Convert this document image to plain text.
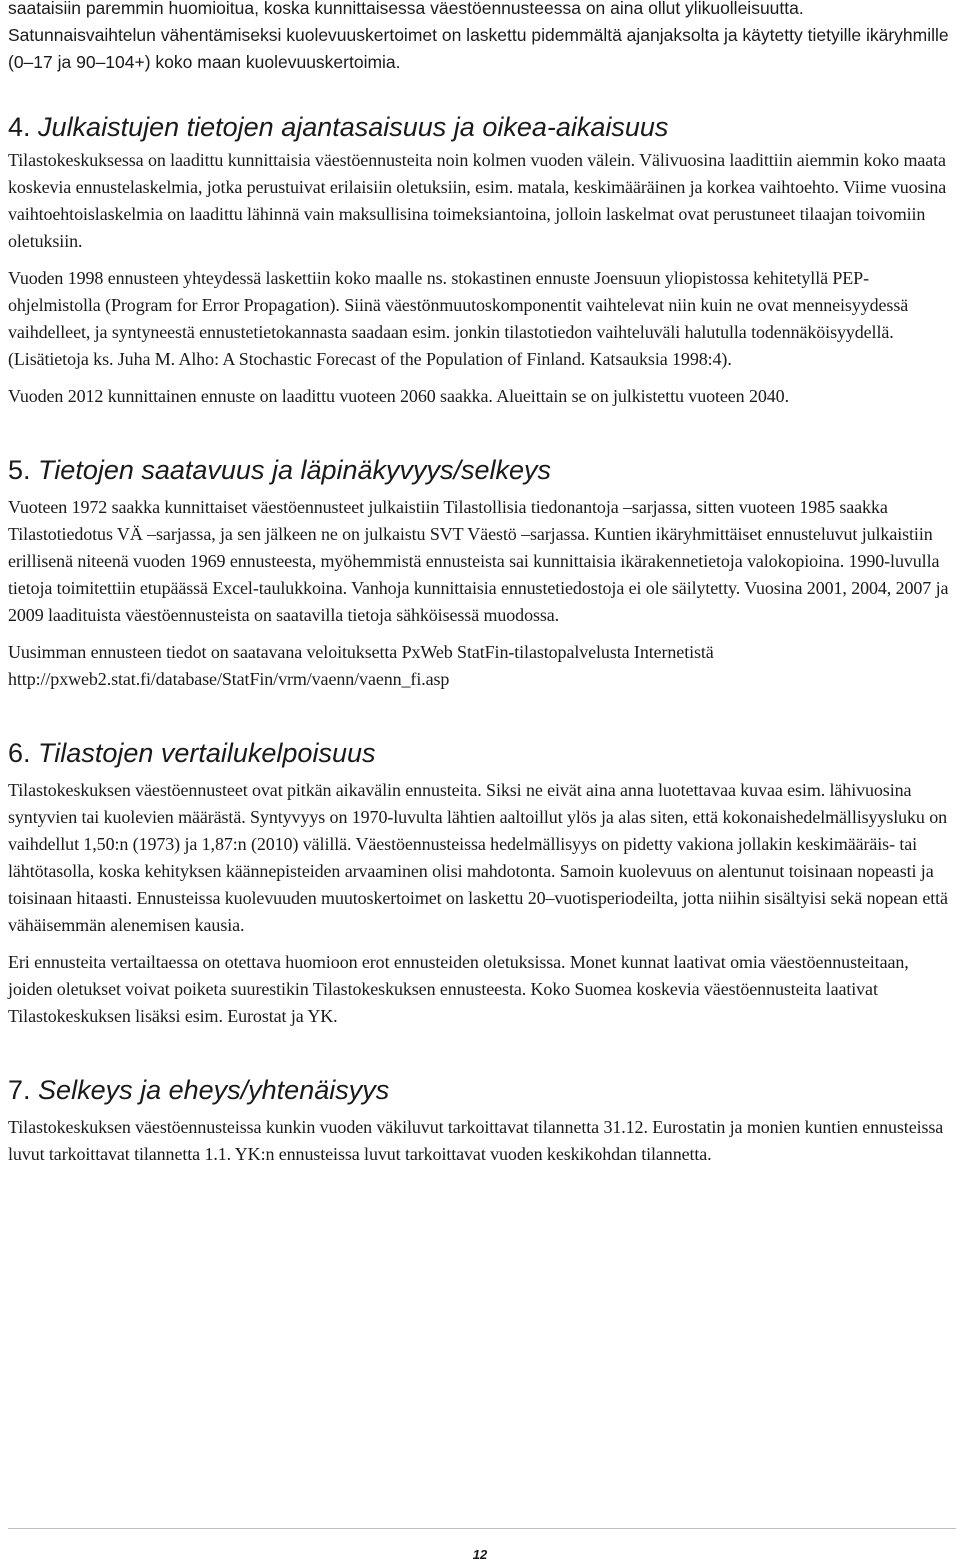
saataisiin paremmin huomioitua, koska kunnittaisessa väestöennusteessa on aina ollut ylikuolleisuutta. Satunnaisvaihtelun vähentämiseksi kuolevuuskertoimet on laskettu pidemmältä ajanjaksolta ja käytetty tietyille ikäryhmille (0–17 ja 90–104+) koko maan kuolevuuskertoimia.

4. Julkaistujen tietojen ajantasaisuus ja oikea-aikaisuus

Tilastokeskuksessa on laadittu kunnittaisia väestöennusteita noin kolmen vuoden välein. Välivuosina laadittiin aiemmin koko maata koskevia ennustelaskelmia, jotka perustuivat erilaisiin oletuksiin, esim. matala, keskimääräinen ja korkea vaihtoehto. Viime vuosina vaihtoehtoislaskelmia on laadittu lähinnä vain maksullisina toimeksiantoina, jolloin laskelmat ovat perustuneet tilaajan toivomiin oletuksiin.

Vuoden 1998 ennusteen yhteydessä laskettiin koko maalle ns. stokastinen ennuste Joensuun yliopistossa kehitetyllä PEP-ohjelmistolla (Program for Error Propagation). Siinä väestönmuutoskomponentit vaihtelevat niin kuin ne ovat menneisyydessä vaihdelleet, ja syntyneestä ennustetietokannasta saadaan esim. jonkin tilastotiedon vaihteluväli halutulla todennäköisyydellä. (Lisätietoja ks. Juha M. Alho: A Stochastic Forecast of the Population of Finland. Katsauksia 1998:4).

Vuoden 2012 kunnittainen ennuste on laadittu vuoteen 2060 saakka. Alueittain se on julkistettu vuoteen 2040.

5. Tietojen saatavuus ja läpinäkyvyys/selkeys

Vuoteen 1972 saakka kunnittaiset väestöennusteet julkaistiin Tilastollisia tiedonantoja –sarjassa, sitten vuoteen 1985 saakka Tilastotiedotus VÄ –sarjassa, ja sen jälkeen ne on julkaistu SVT Väestö –sarjassa. Kuntien ikäryhmittäiset ennusteluvut julkaistiin erillisenä niteenä vuoden 1969 ennusteesta, myöhemmistä ennusteista sai kunnittaisia ikärakennetietoja valokopioina. 1990-luvulla tietoja toimitettiin etupäässä Excel-taulukkoina. Vanhoja kunnittaisia ennustetiedostoja ei ole säilytetty. Vuosina 2001, 2004, 2007 ja 2009 laadituista väestöennusteista on saatavilla tietoja sähköisessä muodossa.

Uusimman ennusteen tiedot on saatavana veloituksetta PxWeb StatFin-tilastopalvelusta Internetistä http://pxweb2.stat.fi/database/StatFin/vrm/vaenn/vaenn_fi.asp

6. Tilastojen vertailukelpoisuus

Tilastokeskuksen väestöennusteet ovat pitkän aikavälin ennusteita. Siksi ne eivät aina anna luotettavaa kuvaa esim. lähivuosina syntyvien tai kuolevien määrästä. Syntyvyys on 1970-luvulta lähtien aaltoillut ylös ja alas siten, että kokonaishedelmällisyysluku on vaihdellut 1,50:n (1973) ja 1,87:n (2010) välillä. Väestöennusteissa hedelmällisyys on pidetty vakiona jollakin keskimääräis- tai lähtötasolla, koska kehityksen käännepisteiden arvaaminen olisi mahdotonta. Samoin kuolevuus on alentunut toisinaan nopeasti ja toisinaan hitaasti. Ennusteissa kuolevuuden muutoskertoimet on laskettu 20–vuotisperiodeilta, jotta niihin sisältyisi sekä nopean että vähäisemmän alenemisen kausia.

Eri ennusteita vertailtaessa on otettava huomioon erot ennusteiden oletuksissa. Monet kunnat laativat omia väestöennusteitaan, joiden oletukset voivat poiketa suurestikin Tilastokeskuksen ennusteesta. Koko Suomea koskevia väestöennusteita laativat Tilastokeskuksen lisäksi esim. Eurostat ja YK.

7. Selkeys ja eheys/yhtenäisyys

Tilastokeskuksen väestöennusteissa kunkin vuoden väkiluvut tarkoittavat tilannetta 31.12. Eurostatin ja monien kuntien ennusteissa luvut tarkoittavat tilannetta 1.1. YK:n ennusteissa luvut tarkoittavat vuoden keskikohdan tilannetta.

12
